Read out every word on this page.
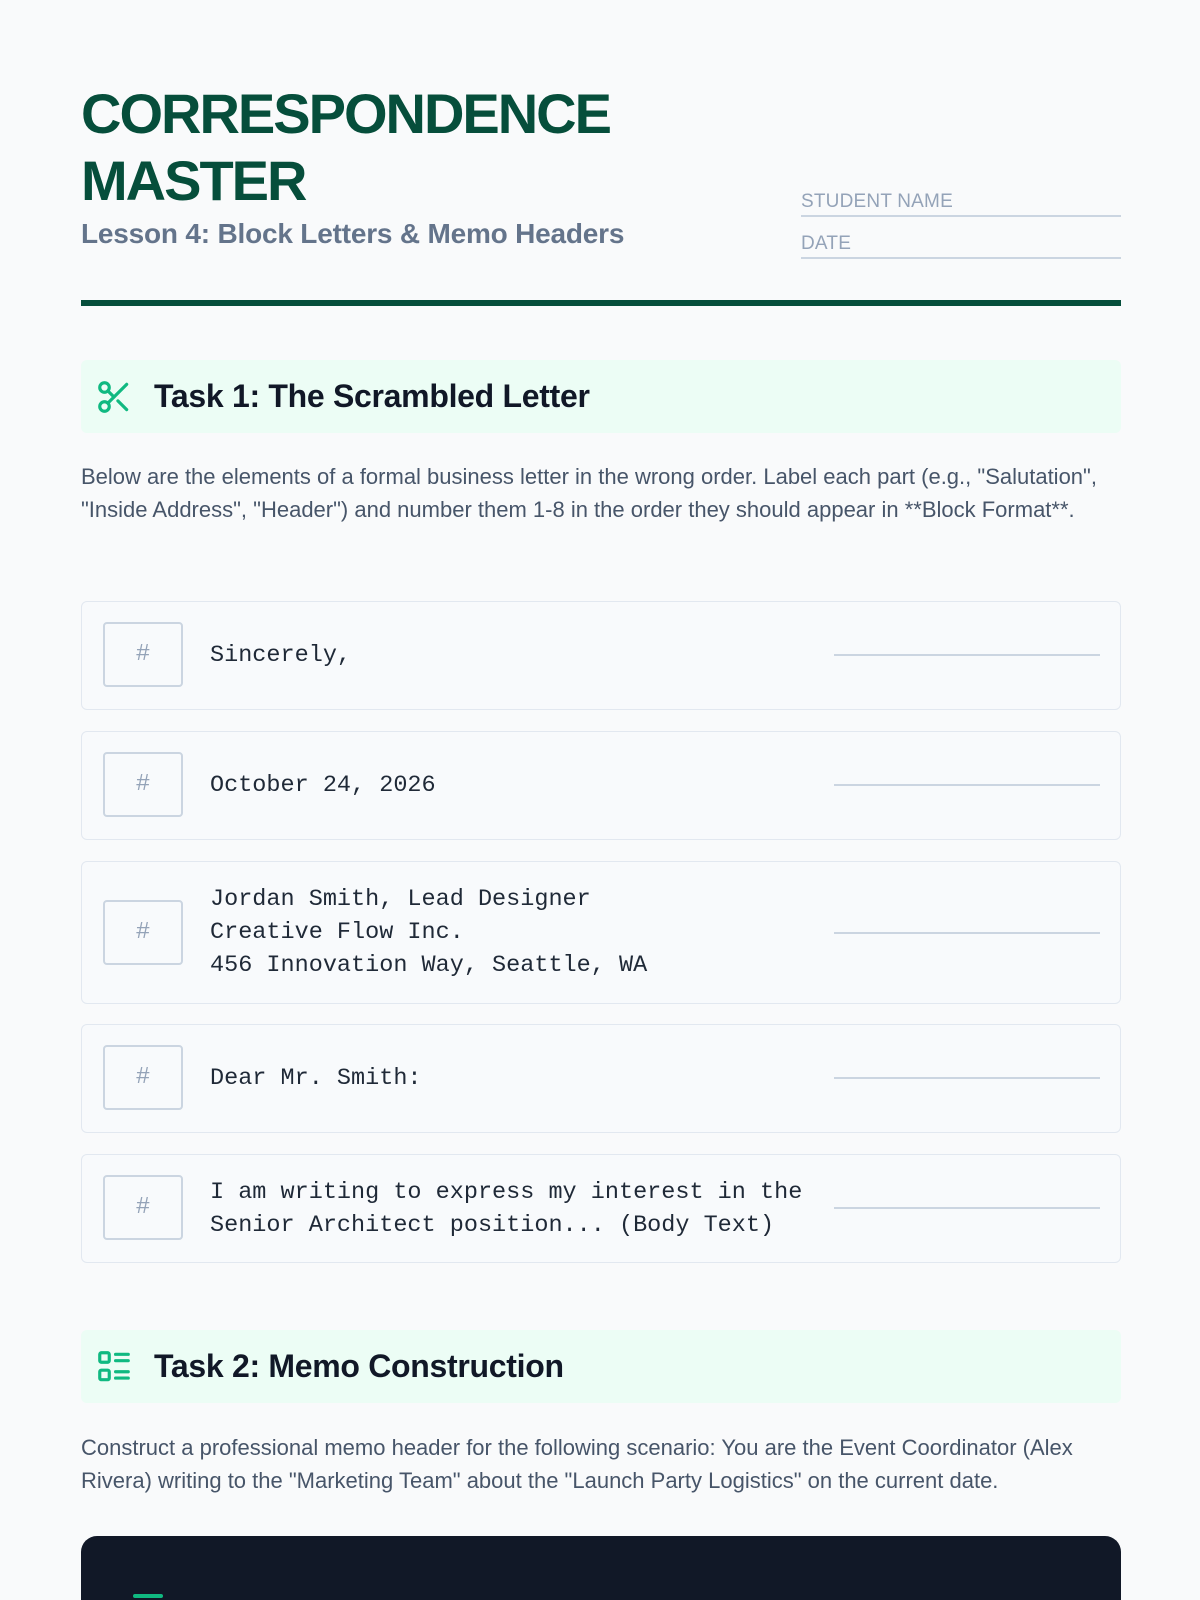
CORRESPONDENCE MASTER
Lesson 4: Block Letters & Memo Headers
STUDENT NAME
DATE
Task 1: The Scrambled Letter

Below are the elements of a formal business letter in the wrong order. Label each part (e.g., "Salutation", "Inside Address", "Header") and number them 1-8 in the order they should appear in **Block Format**.

#	Sincerely,
#	October 24, 2026
#
Jordan Smith, Lead Designer
Creative Flow Inc.
456 Innovation Way, Seattle, WA
#	Dear Mr. Smith:
#
I am writing to express my interest in the
Senior Architect position... (Body Text)
Task 2: Memo Construction

Construct a professional memo header for the following scenario: You are the Event Coordinator (Alex Rivera) writing to the "Marketing Team" about the "Launch Party Logistics" on the current date.
